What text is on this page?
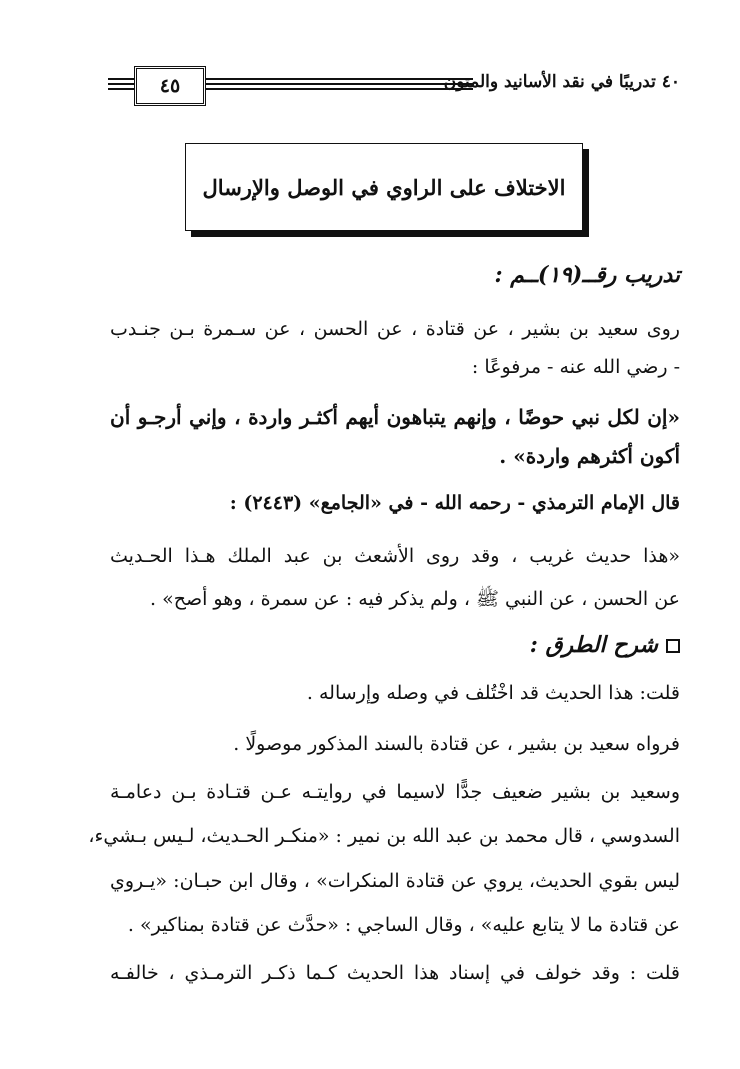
٤٥	٤٠ تدريبًا في نقد الأسانيد والمتون
الاختلاف على الراوي في الوصل والإرسال
تدريب رقــ(١٩)ــم :
روى سعيد بن بشير ، عن قتادة ، عن الحسن ، عن سـمرة بـن جنـدب
- رضي الله عنه - مرفوعًا :
«إن لكل نبي حوضًا ، وإنهم يتباهون أيهم أكثـر واردة ، وإني أرجـو أن
أكون أكثرهم واردة» .
قال الإمام الترمذي - رحمه الله - في «الجامع» (٢٤٤٣) :
«هذا حديث غريب ، وقد روى الأشعث بن عبد الملك هـذا الحـديث
عن الحسن ، عن النبي ﷺ ، ولم يذكر فيه : عن سمرة ، وهو أصح» .
شرح الطرق :
قلت: هذا الحديث قد اخْتُلف في وصله وإرساله .
فرواه سعيد بن بشير ، عن قتادة بالسند المذكور موصولًا .
وسعيد بن بشير ضعيف جدًّا لاسيما في روايتـه عـن قتـادة بـن دعامـة
السدوسي ، قال محمد بن عبد الله بن نمير : «منكـر الحـديث، لـيس بـشيء،
ليس بقوي الحديث، يروي عن قتادة المنكرات» ، وقال ابن حبـان: «يـروي
عن قتادة ما لا يتابع عليه» ، وقال الساجي : «حدَّث عن قتادة بمناكير» .
قلت : وقد خولف في إسناد هذا الحديث كـما ذكـر الترمـذي ، خالفـه
